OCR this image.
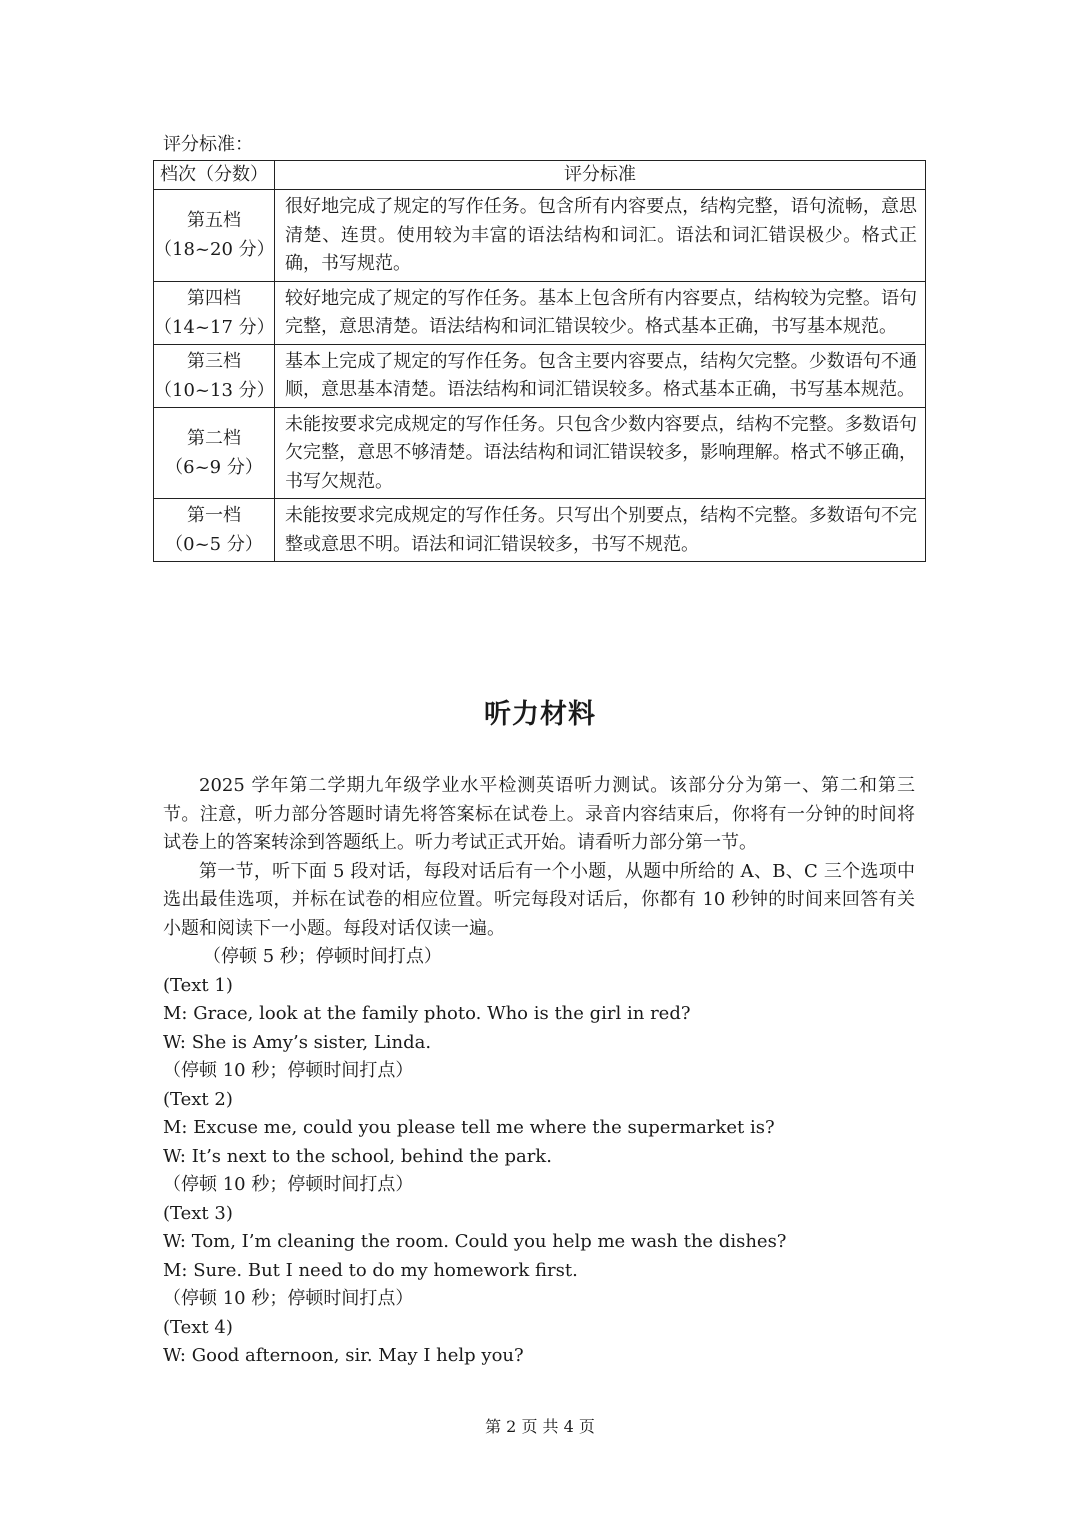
评分标准：
档次（分数）	评分标准

第五档
（18~20 分）	很好地完成了规定的写作任务。包含所有内容要点，结构完整，语句流畅，意思清楚、连贯。使用较为丰富的语法结构和词汇。语法和词汇错误极少。格式正确，书写规范。

第四档
（14~17 分）	较好地完成了规定的写作任务。基本上包含所有内容要点，结构较为完整。语句完整，意思清楚。语法结构和词汇错误较少。格式基本正确，书写基本规范。

第三档
（10~13 分）	基本上完成了规定的写作任务。包含主要内容要点，结构欠完整。少数语句不通顺，意思基本清楚。语法结构和词汇错误较多。格式基本正确，书写基本规范。

第二档
（6~9 分）	未能按要求完成规定的写作任务。只包含少数内容要点，结构不完整。多数语句欠完整，意思不够清楚。语法结构和词汇错误较多，影响理解。格式不够正确，书写欠规范。

第一档
（0~5 分）	未能按要求完成规定的写作任务。只写出个别要点，结构不完整。多数语句不完整或意思不明。语法和词汇错误较多，书写不规范。
听力材料

2025 学年第二学期九年级学业水平检测英语听力测试。该部分分为第一、第二和第三节。注意，听力部分答题时请先将答案标在试卷上。录音内容结束后，你将有一分钟的时间将试卷上的答案转涂到答题纸上。听力考试正式开始。请看听力部分第一节。

第一节，听下面 5 段对话，每段对话后有一个小题，从题中所给的 A、B、C 三个选项中选出最佳选项，并标在试卷的相应位置。听完每段对话后，你都有 10 秒钟的时间来回答有关小题和阅读下一小题。每段对话仅读一遍。

（停顿 5 秒；停顿时间打点）

(Text 1)

M: Grace, look at the family photo. Who is the girl in red?

W: She is Amy’s sister, Linda.

（停顿 10 秒；停顿时间打点）

(Text 2)

M: Excuse me, could you please tell me where the supermarket is?

W: It’s next to the school, behind the park.

（停顿 10 秒；停顿时间打点）

(Text 3)

W: Tom, I’m cleaning the room. Could you help me wash the dishes?

M: Sure. But I need to do my homework first.

（停顿 10 秒；停顿时间打点）

(Text 4)

W: Good afternoon, sir. May I help you?

第 2 页 共 4 页
